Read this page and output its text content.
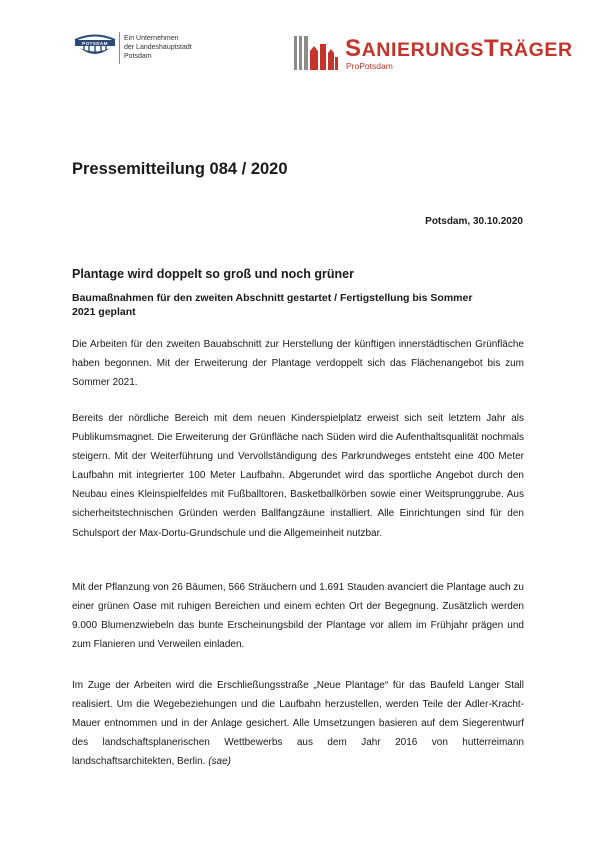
POTSDAM
Ein Unternehmen
der Landeshauptstadt
Potsdam	SANIERUNGSTRÄGER
ProPotsdam
Pressemitteilung 084 / 2020
Potsdam, 30.10.2020
Plantage wird doppelt so groß und noch grüner
Baumaßnahmen für den zweiten Abschnitt gestartet / Fertigstellung bis Sommer 2021 geplant

Die Arbeiten für den zweiten Bauabschnitt zur Herstellung der künftigen innerstädtischen Grünfläche haben begonnen. Mit der Erweiterung der Plantage verdoppelt sich das Flächenangebot bis zum Sommer 2021.

Bereits der nördliche Bereich mit dem neuen Kinderspielplatz erweist sich seit letztem Jahr als Publikumsmagnet. Die Erweiterung der Grünfläche nach Süden wird die Aufenthaltsqualität nochmals steigern. Mit der Weiterführung und Vervollständigung des Parkrundweges entsteht eine 400 Meter Laufbahn mit integrierter 100 Meter Laufbahn. Abgerundet wird das sportliche Angebot durch den Neubau eines Kleinspielfeldes mit Fußballtoren, Basketballkörben sowie einer Weitsprunggrube. Aus sicherheitstechnischen Gründen werden Ballfangzäune installiert. Alle Einrichtungen sind für den Schulsport der Max-Dortu-Grundschule und die Allgemeinheit nutzbar.

Mit der Pflanzung von 26 Bäumen, 566 Sträuchern und 1.691 Stauden avanciert die Plantage auch zu einer grünen Oase mit ruhigen Bereichen und einem echten Ort der Begegnung. Zusätzlich werden 9.000 Blumenzwiebeln das bunte Erscheinungsbild der Plantage vor allem im Frühjahr prägen und zum Flanieren und Verweilen einladen.

Im Zuge der Arbeiten wird die Erschließungsstraße „Neue Plantage“ für das Baufeld Langer Stall realisiert. Um die Wegebeziehungen und die Laufbahn herzustellen, werden Teile der Adler-Kracht-Mauer entnommen und in der Anlage gesichert. Alle Umsetzungen basieren auf dem Siegerentwurf des landschaftsplanerischen Wettbewerbs aus dem Jahr 2016 von hutterreimann landschaftsarchitekten, Berlin. (sae)
